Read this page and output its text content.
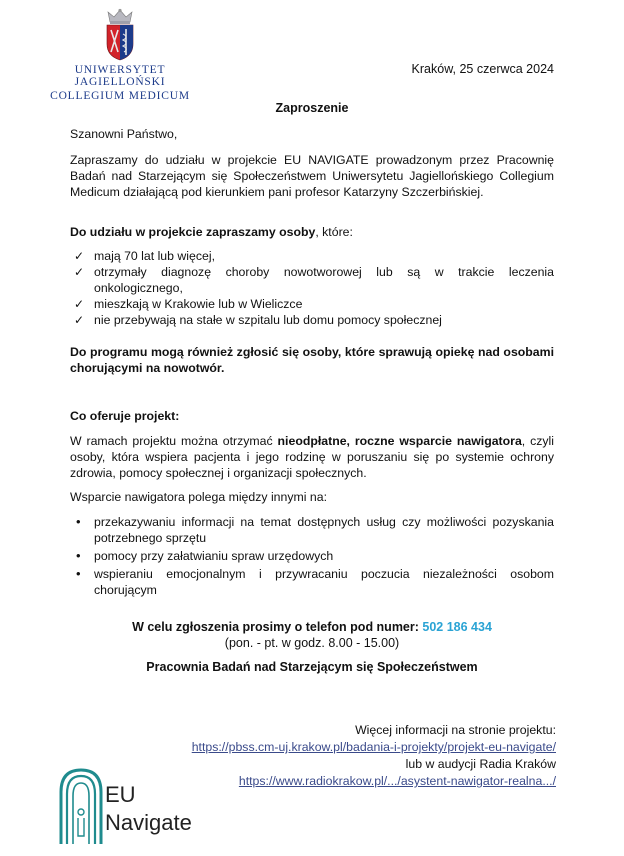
UNIWERSYTET JAGIELLOŃSKI
COLLEGIUM MEDICUM
Kraków, 25 czerwca 2024
Zaproszenie
Szanowni Państwo,
Zapraszamy do udziału w projekcie EU NAVIGATE prowadzonym przez Pracownię Badań nad Starzejącym się Społeczeństwem Uniwersytetu Jagiellońskiego Collegium Medicum działającą pod kierunkiem pani profesor Katarzyny Szczerbińskiej.
Do udziału w projekcie zapraszamy osoby, które:
✓ mają 70 lat lub więcej,
✓ otrzymały diagnozę choroby nowotworowej lub są w trakcie leczenia onkologicznego,
✓ mieszkają w Krakowie lub w Wieliczce
✓ nie przebywają na stałe w szpitalu lub domu pomocy społecznej
Do programu mogą również zgłosić się osoby, które sprawują opiekę nad osobami chorującymi na nowotwór.
Co oferuje projekt:
W ramach projektu można otrzymać nieodpłatne, roczne wsparcie nawigatora, czyli osoby, która wspiera pacjenta i jego rodzinę w poruszaniu się po systemie ochrony zdrowia, pomocy społecznej i organizacji społecznych.
Wsparcie nawigatora polega między innymi na:
• przekazywaniu informacji na temat dostępnych usług czy możliwości pozyskania potrzebnego sprzętu
• pomocy przy załatwianiu spraw urzędowych
• wspieraniu emocjonalnym i przywracaniu poczucia niezależności osobom chorującym
W celu zgłoszenia prosimy o telefon pod numer: 502 186 434
(pon. - pt. w godz. 8.00 - 15.00)
Pracownia Badań nad Starzejącym się Społeczeństwem
Więcej informacji na stronie projektu:
https://pbss.cm-uj.krakow.pl/badania-i-projekty/projekt-eu-navigate/
lub w audycji Radia Kraków
https://www.radiokrakow.pl/.../asystent-nawigator-realna.../
EU
Navigate
